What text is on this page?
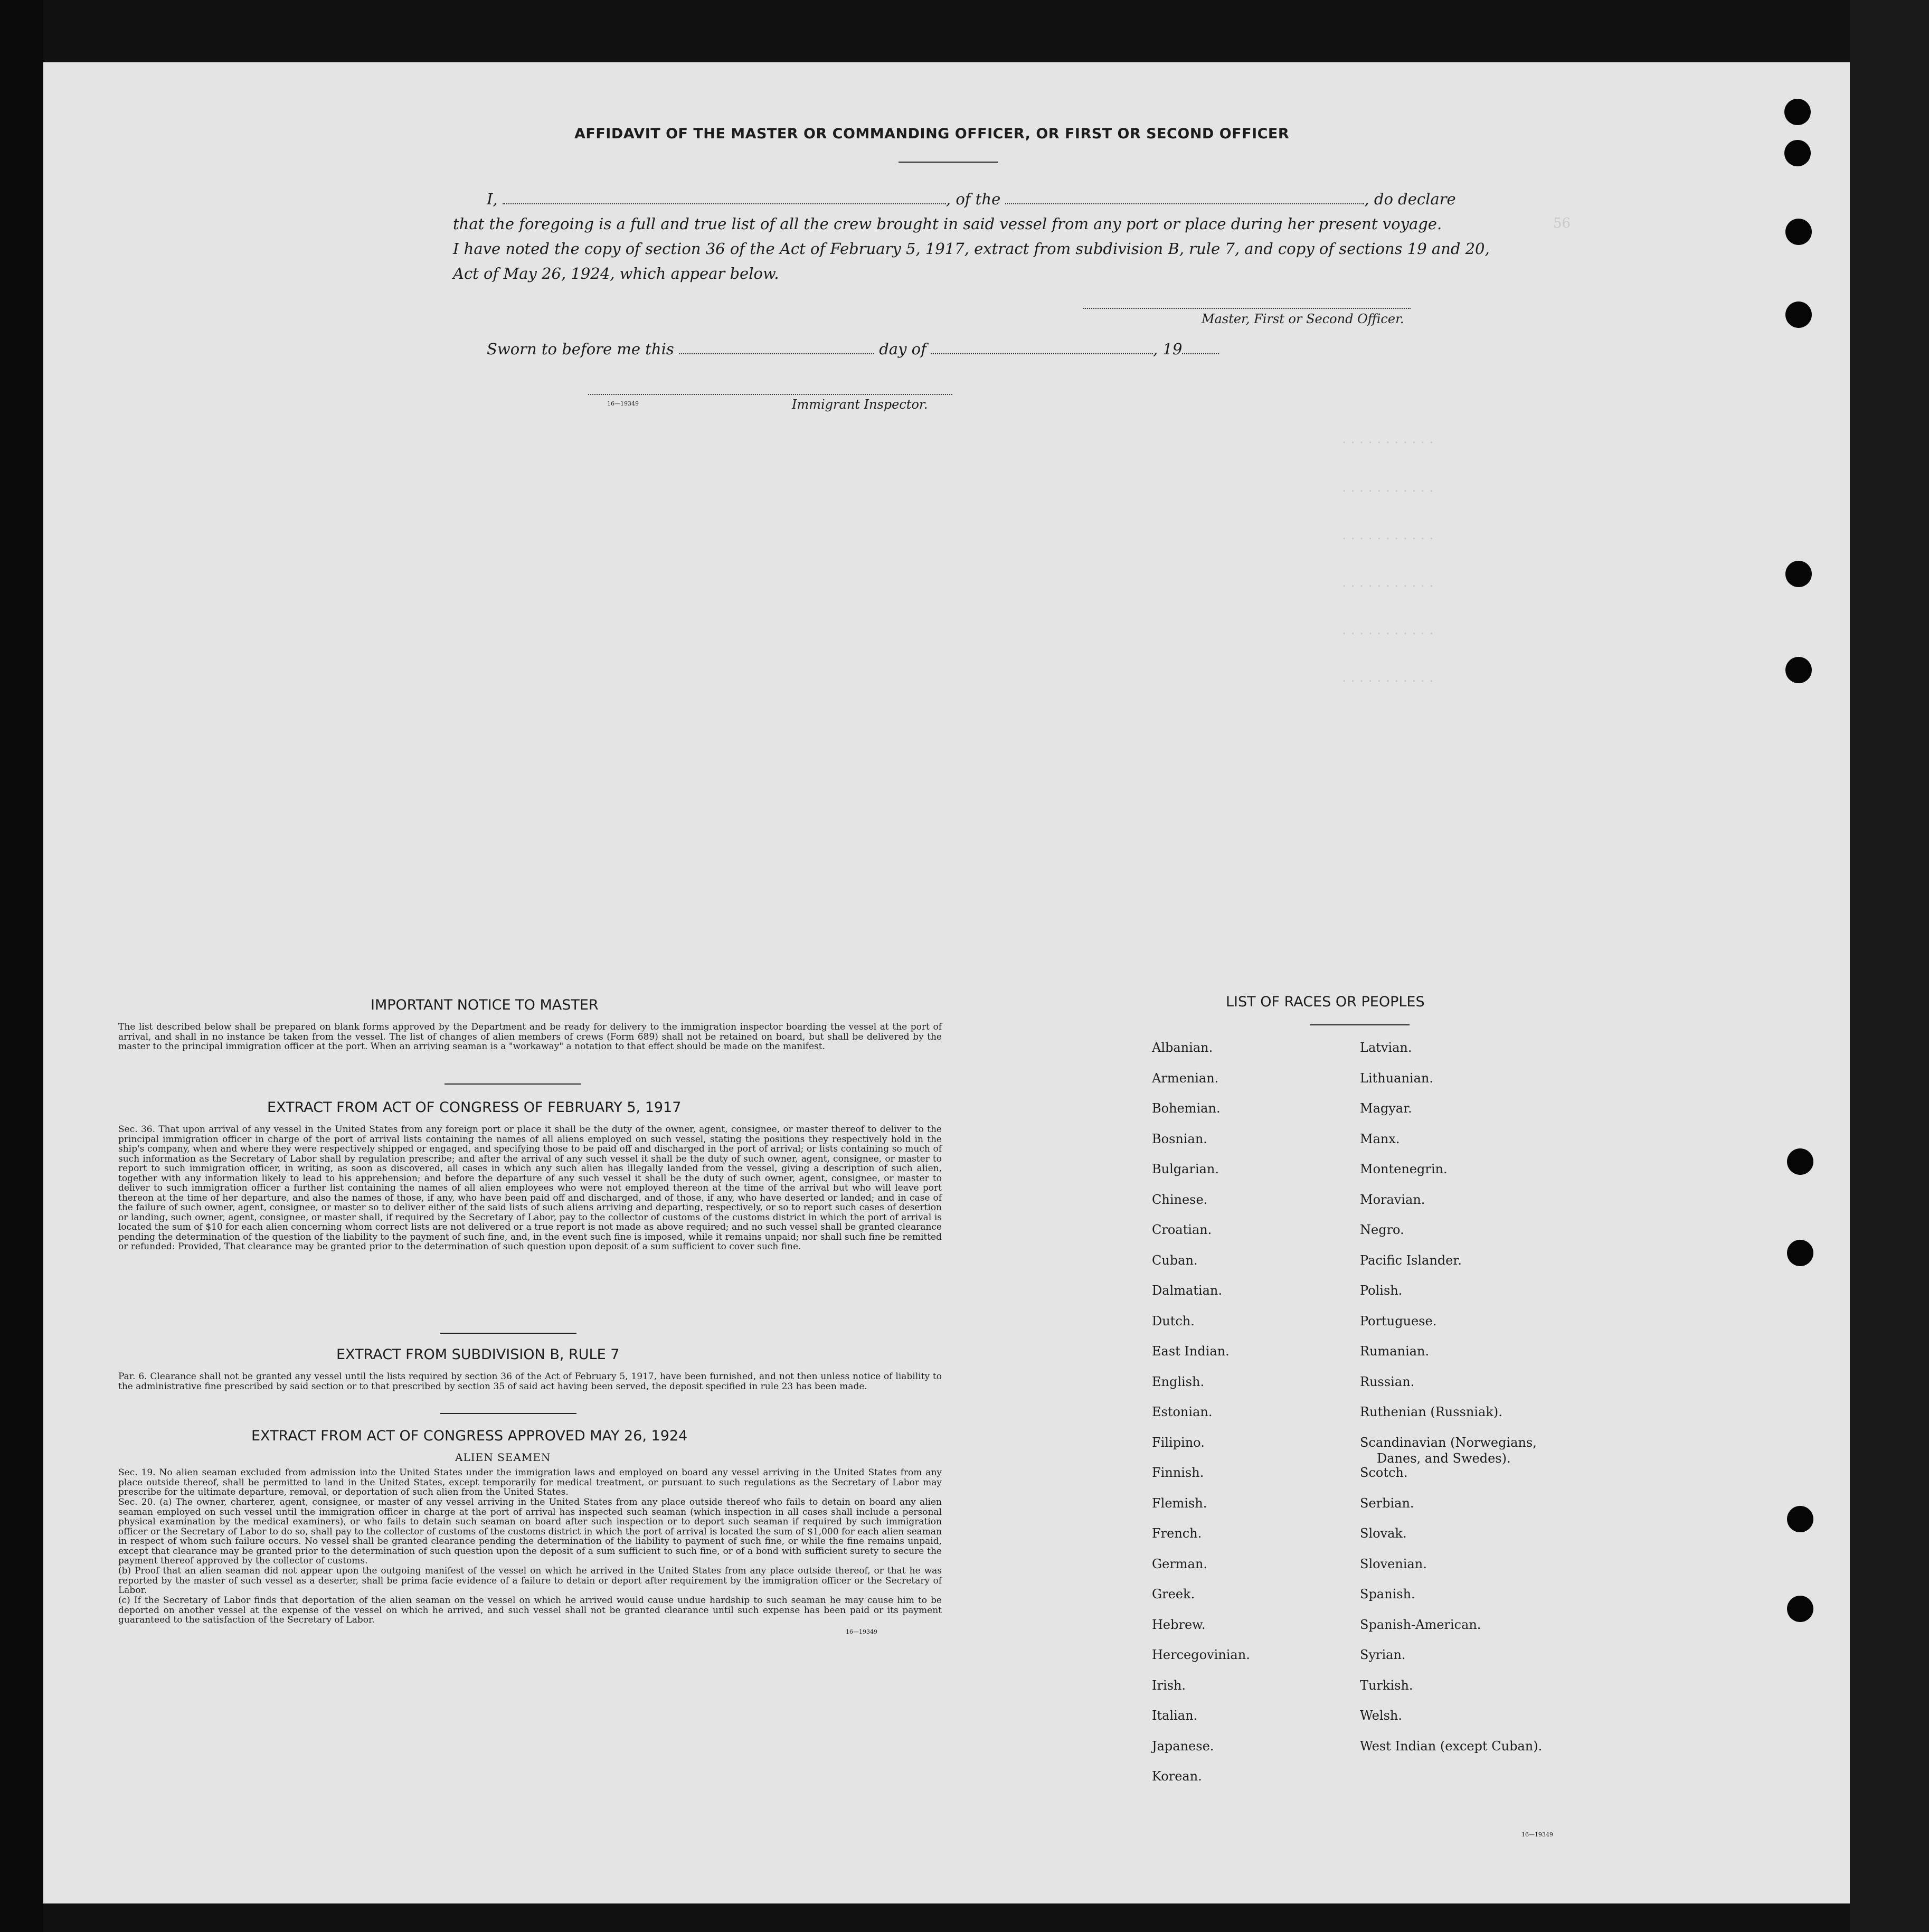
56
. . . . . . . . . . .
. . . . . . . . . . .
. . . . . . . . . . .
. . . . . . . . . . .
. . . . . . . . . . .
. . . . . . . . . . .
AFFIDAVIT OF THE MASTER OR COMMANDING OFFICER, OR FIRST OR SECOND OFFICER
I,	, of the	, do declare
that the foregoing is a full and true list of all the crew brought in said vessel from any port or place during her present voyage.
I have noted the copy of section 36 of the Act of February 5, 1917, extract from subdivision B, rule 7, and copy of sections 19 and 20,
Act of May 26, 1924, which appear below.
Master, First or Second Officer.
Sworn to before me this	day of	, 19
16—19349	Immigrant Inspector.
IMPORTANT NOTICE TO MASTER
The list described below shall be prepared on blank forms approved by the Department and be ready for delivery to the immigration inspector boarding the vessel at the port of arrival, and shall in no instance be taken from the vessel. The list of changes of alien members of crews (Form 689) shall not be retained on board, but shall be delivered by the master to the principal immigration officer at the port. When an arriving seaman is a "workaway" a notation to that effect should be made on the manifest.
EXTRACT FROM ACT OF CONGRESS OF FEBRUARY 5, 1917
Sec. 36. That upon arrival of any vessel in the United States from any foreign port or place it shall be the duty of the owner, agent, consignee, or master thereof to deliver to the principal immigration officer in charge of the port of arrival lists containing the names of all aliens employed on such vessel, stating the positions they respectively hold in the ship's company, when and where they were respectively shipped or engaged, and specifying those to be paid off and discharged in the port of arrival; or lists containing so much of such information as the Secretary of Labor shall by regulation prescribe; and after the arrival of any such vessel it shall be the duty of such owner, agent, consignee, or master to report to such immigration officer, in writing, as soon as discovered, all cases in which any such alien has illegally landed from the vessel, giving a description of such alien, together with any information likely to lead to his apprehension; and before the departure of any such vessel it shall be the duty of such owner, agent, consignee, or master to deliver to such immigration officer a further list containing the names of all alien employees who were not employed thereon at the time of the arrival but who will leave port thereon at the time of her departure, and also the names of those, if any, who have been paid off and discharged, and of those, if any, who have deserted or landed; and in case of the failure of such owner, agent, consignee, or master so to deliver either of the said lists of such aliens arriving and departing, respectively, or so to report such cases of desertion or landing, such owner, agent, consignee, or master shall, if required by the Secretary of Labor, pay to the collector of customs of the customs district in which the port of arrival is located the sum of $10 for each alien concerning whom correct lists are not delivered or a true report is not made as above required; and no such vessel shall be granted clearance pending the determination of the question of the liability to the payment of such fine, and, in the event such fine is imposed, while it remains unpaid; nor shall such fine be remitted or refunded: Provided, That clearance may be granted prior to the determination of such question upon deposit of a sum sufficient to cover such fine.
EXTRACT FROM SUBDIVISION B, RULE 7
Par. 6. Clearance shall not be granted any vessel until the lists required by section 36 of the Act of February 5, 1917, have been furnished, and not then unless notice of liability to the administrative fine prescribed by said section or to that prescribed by section 35 of said act having been served, the deposit specified in rule 23 has been made.
EXTRACT FROM ACT OF CONGRESS APPROVED MAY 26, 1924
ALIEN SEAMEN
Sec. 19. No alien seaman excluded from admission into the United States under the immigration laws and employed on board any vessel arriving in the United States from any place outside thereof, shall be permitted to land in the United States, except temporarily for medical treatment, or pursuant to such regulations as the Secretary of Labor may prescribe for the ultimate departure, removal, or deportation of such alien from the United States.
Sec. 20. (a) The owner, charterer, agent, consignee, or master of any vessel arriving in the United States from any place outside thereof who fails to detain on board any alien seaman employed on such vessel until the immigration officer in charge at the port of arrival has inspected such seaman (which inspection in all cases shall include a personal physical examination by the medical examiners), or who fails to detain such seaman on board after such inspection or to deport such seaman if required by such immigration officer or the Secretary of Labor to do so, shall pay to the collector of customs of the customs district in which the port of arrival is located the sum of $1,000 for each alien seaman in respect of whom such failure occurs. No vessel shall be granted clearance pending the determination of the liability to payment of such fine, or while the fine remains unpaid, except that clearance may be granted prior to the determination of such question upon the deposit of a sum sufficient to such fine, or of a bond with sufficient surety to secure the payment thereof approved by the collector of customs.
(b) Proof that an alien seaman did not appear upon the outgoing manifest of the vessel on which he arrived in the United States from any place outside thereof, or that he was reported by the master of such vessel as a deserter, shall be prima facie evidence of a failure to detain or deport after requirement by the immigration officer or the Secretary of Labor.
(c) If the Secretary of Labor finds that deportation of the alien seaman on the vessel on which he arrived would cause undue hardship to such seaman he may cause him to be deported on another vessel at the expense of the vessel on which he arrived, and such vessel shall not be granted clearance until such expense has been paid or its payment guaranteed to the satisfaction of the Secretary of Labor.
16—19349
LIST OF RACES OR PEOPLES
Albanian.
Armenian.
Bohemian.
Bosnian.
Bulgarian.
Chinese.
Croatian.
Cuban.
Dalmatian.
Dutch.
East Indian.
English.
Estonian.
Filipino.
Finnish.
Flemish.
French.
German.
Greek.
Hebrew.
Hercegovinian.
Irish.
Italian.
Japanese.
Korean.
Latvian.
Lithuanian.
Magyar.
Manx.
Montenegrin.
Moravian.
Negro.
Pacific Islander.
Polish.
Portuguese.
Rumanian.
Russian.
Ruthenian (Russniak).
Scandinavian (Norwegians,
Danes, and Swedes).
Scotch.
Serbian.
Slovak.
Slovenian.
Spanish.
Spanish-American.
Syrian.
Turkish.
Welsh.
West Indian (except Cuban).
16—19349
